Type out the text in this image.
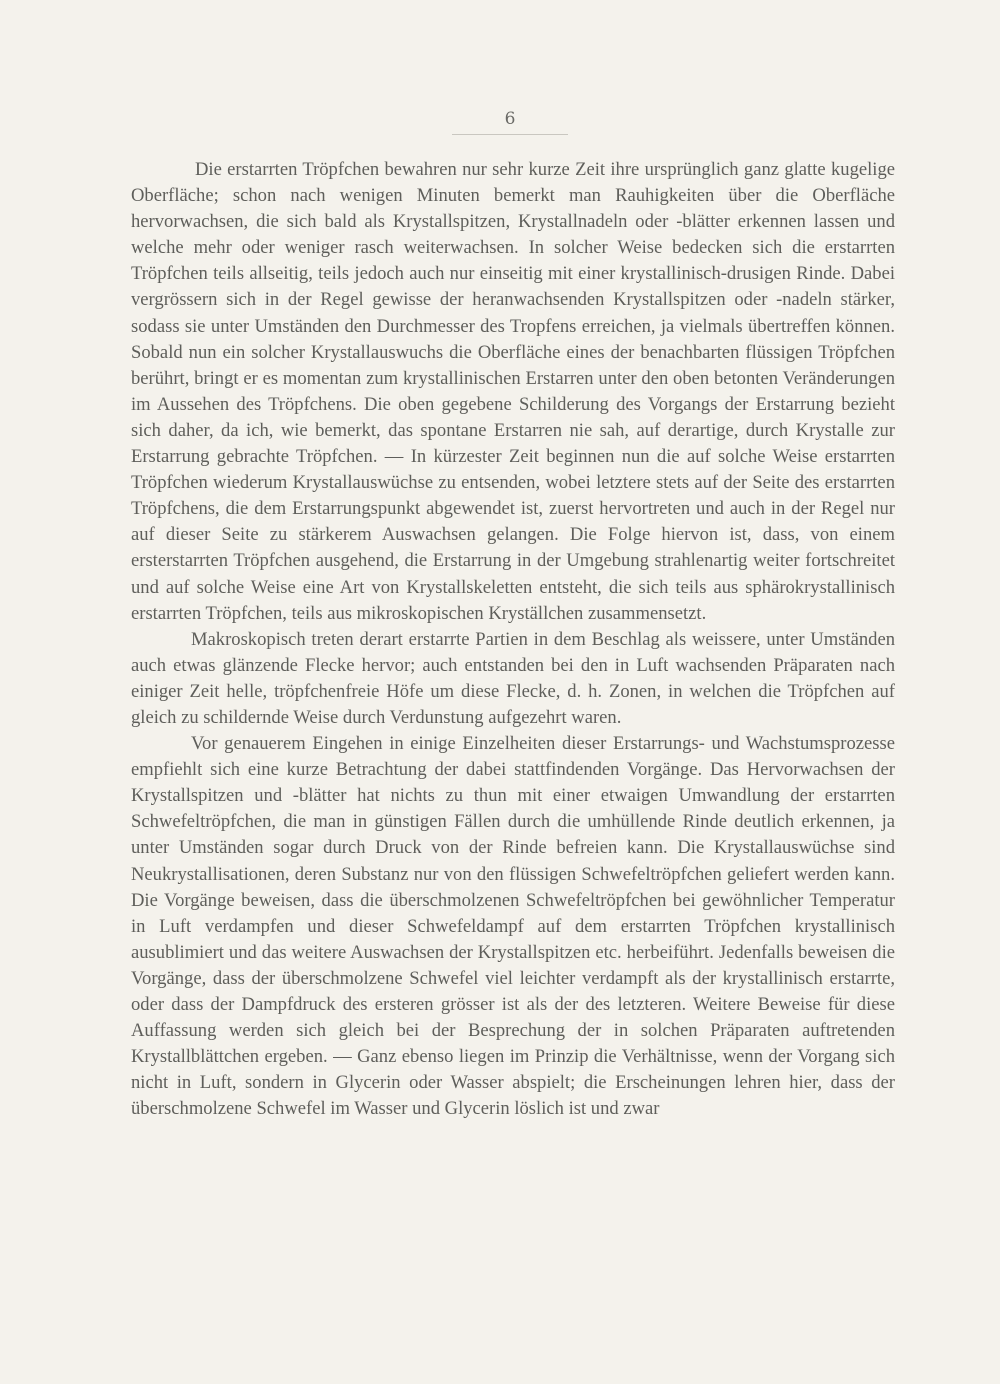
6

Die erstarrten Tröpfchen bewahren nur sehr kurze Zeit ihre ursprünglich ganz glatte kugelige Oberfläche; schon nach wenigen Minuten bemerkt man Rauhigkeiten über die Oberfläche hervorwachsen, die sich bald als Krystallspitzen, Krystallnadeln oder -blätter erkennen lassen und welche mehr oder weniger rasch weiterwachsen. In solcher Weise bedecken sich die erstarrten Tröpfchen teils allseitig, teils jedoch auch nur einseitig mit einer krystallinisch-drusigen Rinde. Dabei vergrössern sich in der Regel gewisse der heranwachsenden Krystallspitzen oder -nadeln stärker, sodass sie unter Umständen den Durchmesser des Tropfens erreichen, ja vielmals übertreffen können. Sobald nun ein solcher Krystallauswuchs die Oberfläche eines der benachbarten flüssigen Tröpfchen berührt, bringt er es momentan zum krystallinischen Erstarren unter den oben betonten Veränderungen im Aussehen des Tröpfchens. Die oben gegebene Schilderung des Vorgangs der Erstarrung bezieht sich daher, da ich, wie bemerkt, das spontane Erstarren nie sah, auf derartige, durch Krystalle zur Erstarrung gebrachte Tröpfchen. — In kürzester Zeit beginnen nun die auf solche Weise erstarrten Tröpfchen wiederum Krystallauswüchse zu entsenden, wobei letztere stets auf der Seite des erstarrten Tröpfchens, die dem Erstarrungspunkt abgewendet ist, zuerst hervortreten und auch in der Regel nur auf dieser Seite zu stärkerem Auswachsen gelangen. Die Folge hiervon ist, dass, von einem ersterstarrten Tröpfchen ausgehend, die Erstarrung in der Umgebung strahlenartig weiter fortschreitet und auf solche Weise eine Art von Krystallskeletten entsteht, die sich teils aus sphärokrystallinisch erstarrten Tröpfchen, teils aus mikroskopischen Kryställchen zusammensetzt.

Makroskopisch treten derart erstarrte Partien in dem Beschlag als weissere, unter Umständen auch etwas glänzende Flecke hervor; auch entstanden bei den in Luft wachsenden Präparaten nach einiger Zeit helle, tröpfchenfreie Höfe um diese Flecke, d. h. Zonen, in welchen die Tröpfchen auf gleich zu schildernde Weise durch Verdunstung aufgezehrt waren.

Vor genauerem Eingehen in einige Einzelheiten dieser Erstarrungs- und Wachstumsprozesse empfiehlt sich eine kurze Betrachtung der dabei stattfindenden Vorgänge. Das Hervorwachsen der Krystallspitzen und -blätter hat nichts zu thun mit einer etwaigen Umwandlung der erstarrten Schwefeltröpfchen, die man in günstigen Fällen durch die umhüllende Rinde deutlich erkennen, ja unter Umständen sogar durch Druck von der Rinde befreien kann. Die Krystallauswüchse sind Neukrystallisationen, deren Substanz nur von den flüssigen Schwefeltröpfchen geliefert werden kann. Die Vorgänge beweisen, dass die überschmolzenen Schwefeltröpfchen bei gewöhnlicher Temperatur in Luft verdampfen und dieser Schwefeldampf auf dem erstarrten Tröpfchen krystallinisch ausublimiert und das weitere Auswachsen der Krystallspitzen etc. herbeiführt. Jedenfalls beweisen die Vorgänge, dass der überschmolzene Schwefel viel leichter verdampft als der krystallinisch erstarrte, oder dass der Dampfdruck des ersteren grösser ist als der des letzteren. Weitere Beweise für diese Auffassung werden sich gleich bei der Besprechung der in solchen Präparaten auftretenden Krystallblättchen ergeben. — Ganz ebenso liegen im Prinzip die Verhältnisse, wenn der Vorgang sich nicht in Luft, sondern in Glycerin oder Wasser abspielt; die Erscheinungen lehren hier, dass der überschmolzene Schwefel im Wasser und Glycerin löslich ist und zwar
